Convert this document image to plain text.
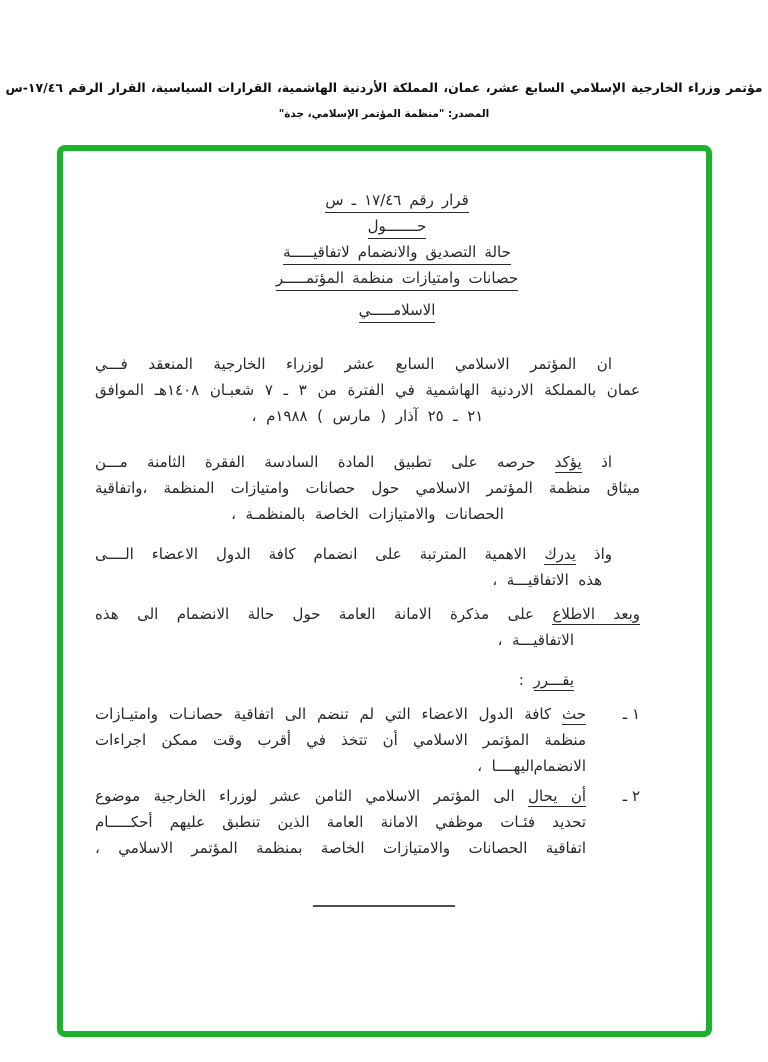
مؤتمر وزراء الخارجية الإسلامي السابع عشر، عمان، المملكة الأردنية الهاشمية، القرارات السياسية، القرار الرقم ١٧/٤٦-س
المصدر: "منظمة المؤتمر الإسلامي، جدة"
قرار رقم ١٧/٤٦ ـ س
حـــــــول
حالة التصديق والانضمام لاتفاقيـــــة
حصانات وامتيازات منظمة المؤتمـــــر
الاسلامـــــي
ان المؤتمر الاسلامي السابع عشر لوزراء الخارجية المنعقد فـــي
عمان بالمملكة الاردنية الهاشمية في الفترة من ٣ ـ ٧ شعبـان ١٤٠٨هـ الموافق
٢١ ـ ٢٥ آذار ( مارس ) ١٩٨٨م ،
اذ يؤكد حرصه على تطبيق المادة السادسة الفقرة الثامنة مـــن
ميثاق منظمة المؤتمر الاسلامي حول حصانات وامتيازات المنظمة ،واتفاقية
الحصانات والامتيازات الخاصة بالمنظمـة ،
واذ يدرك الاهمية المترتبة على انضمام كافة الدول الاعضاء الــــى
هذه الاتفاقيـــة ،
وبعد الاطلاع على مذكرة الامانة العامة حول حالة الانضمام الى هذه
الاتفاقيـــة ،
يقـــرر :
١ ـ
حث كافة الدول الاعضاء التي لم تنضم الى اتفاقية حصانـات وامتيـازات
منظمة المؤتمر الاسلامي أن تتخذ في أقرب وقت ممكن اجراءات الانضمام
اليهــــا ،
٢ ـ
أن يحال الى المؤتمر الاسلامي الثامن عشر لوزراء الخارجية موضوع
تحديد فئـات موظفي الامانة العامة الذين تنطبق عليهم أحكـــــام
اتفاقية الحصانات والامتيازات الخاصة بمنظمة المؤتمر الاسلامي ،
